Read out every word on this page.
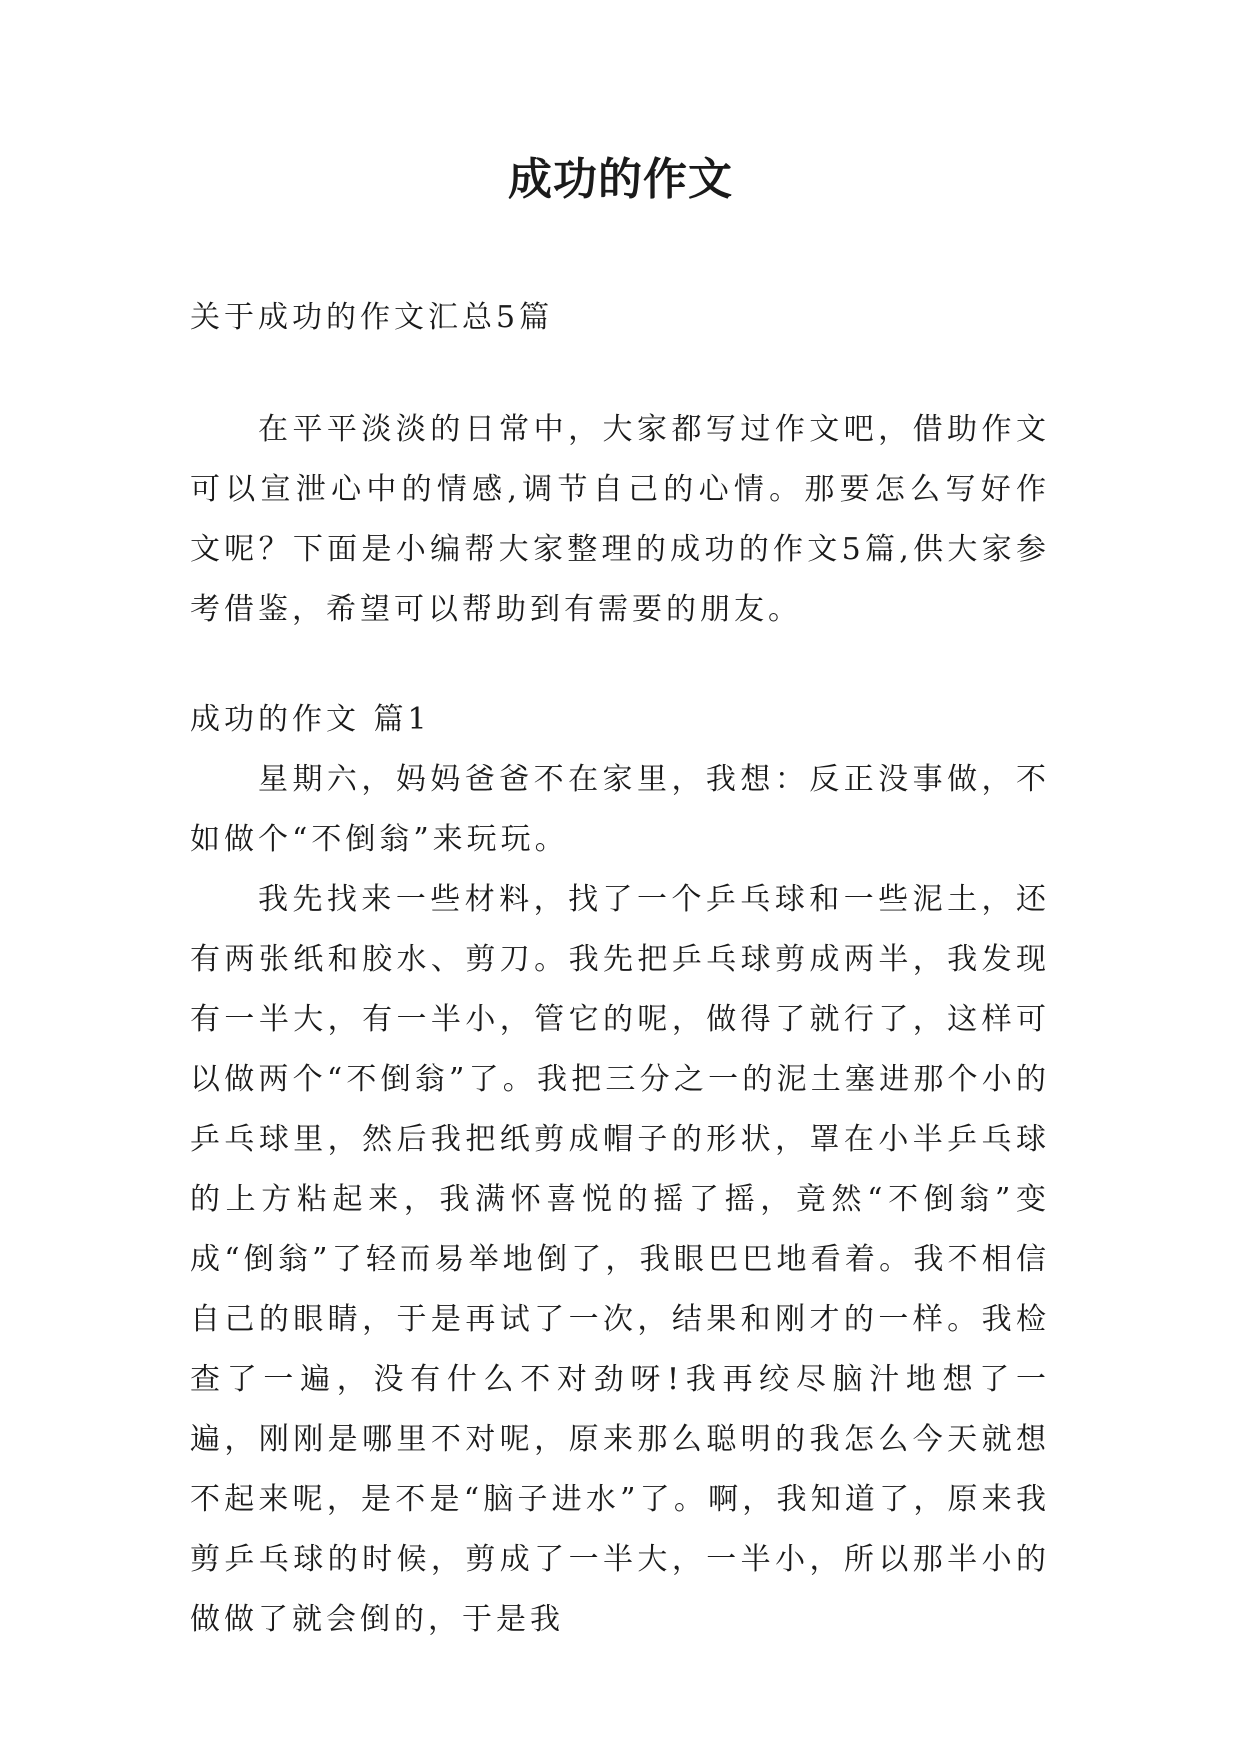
成功的作文
关于成功的作文汇总5篇

在平平淡淡的日常中，大家都写过作文吧，借助作文可以宣泄心中的情感,调节自己的心情。那要怎么写好作文呢？下面是小编帮大家整理的成功的作文5篇,供大家参考借鉴，希望可以帮助到有需要的朋友。

成功的作文 篇1

星期六，妈妈爸爸不在家里，我想：反正没事做，不如做个“不倒翁”来玩玩。

我先找来一些材料，找了一个乒乓球和一些泥土，还有两张纸和胶水、剪刀。我先把乒乓球剪成两半，我发现有一半大，有一半小，管它的呢，做得了就行了，这样可以做两个“不倒翁”了。我把三分之一的泥土塞进那个小的乒乓球里，然后我把纸剪成帽子的形状，罩在小半乒乓球的上方粘起来，我满怀喜悦的摇了摇，竟然“不倒翁”变成“倒翁”了轻而易举地倒了，我眼巴巴地看着。我不相信自己的眼睛，于是再试了一次，结果和刚才的一样。我检查了一遍，没有什么不对劲呀!我再绞尽脑汁地想了一遍，刚刚是哪里不对呢，原来那么聪明的我怎么今天就想不起来呢，是不是“脑子进水”了。啊，我知道了，原来我剪乒乓球的时候，剪成了一半大，一半小，所以那半小的做做了就会倒的，于是我
